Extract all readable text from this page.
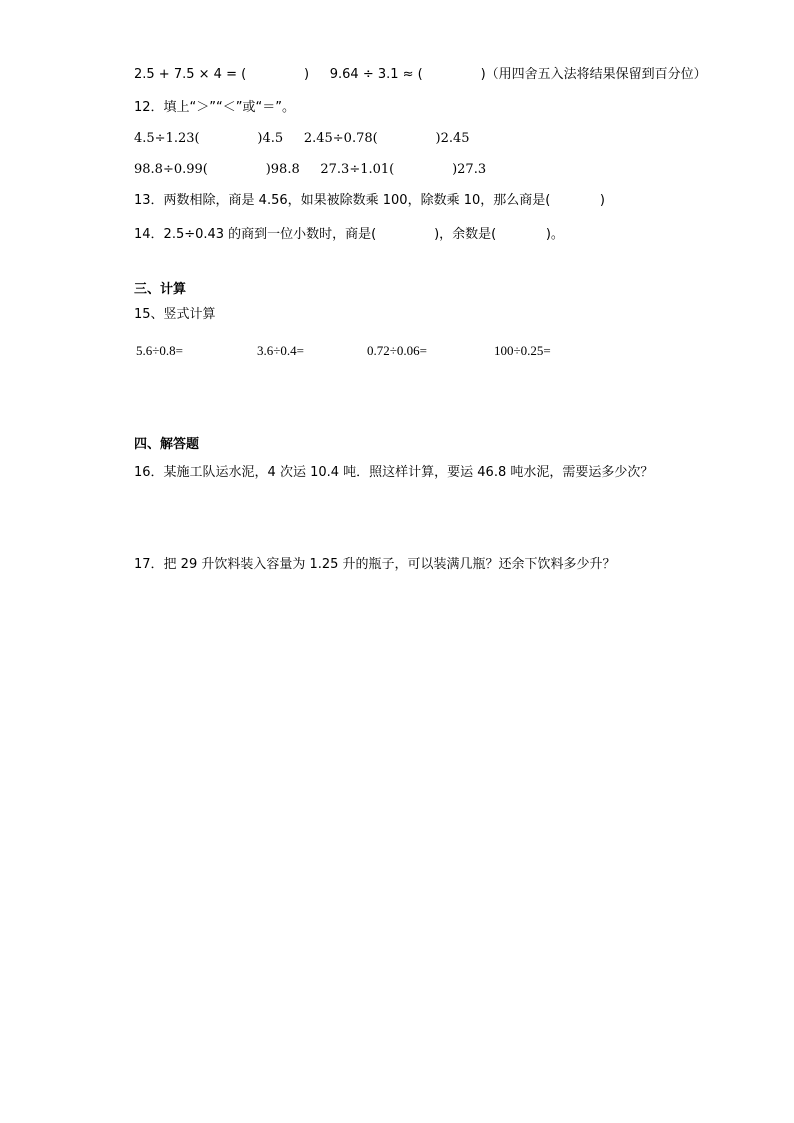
2.5 + 7.5 × 4 = (              )     9.64 ÷ 3.1 ≈ (              )（用四舍五入法将结果保留到百分位）
12．填上“＞”“＜”或“＝”。
4.5÷1.23(              )4.5     2.45÷0.78(              )2.45
98.8÷0.99(              )98.8     27.3÷1.01(              )27.3
13．两数相除，商是 4.56，如果被除数乘 100，除数乘 10，那么商是(            )
14．2.5÷0.43 的商到一位小数时，商是(              )，余数是(            )。
三、计算
15、竖式计算
5.6÷0.8=	3.6÷0.4=	0.72÷0.06=	100÷0.25=
四、解答题
16．某施工队运水泥，4 次运 10.4 吨．照这样计算，要运 46.8 吨水泥，需要运多少次？
17．把 29 升饮料装入容量为 1.25 升的瓶子，可以装满几瓶？还余下饮料多少升？
